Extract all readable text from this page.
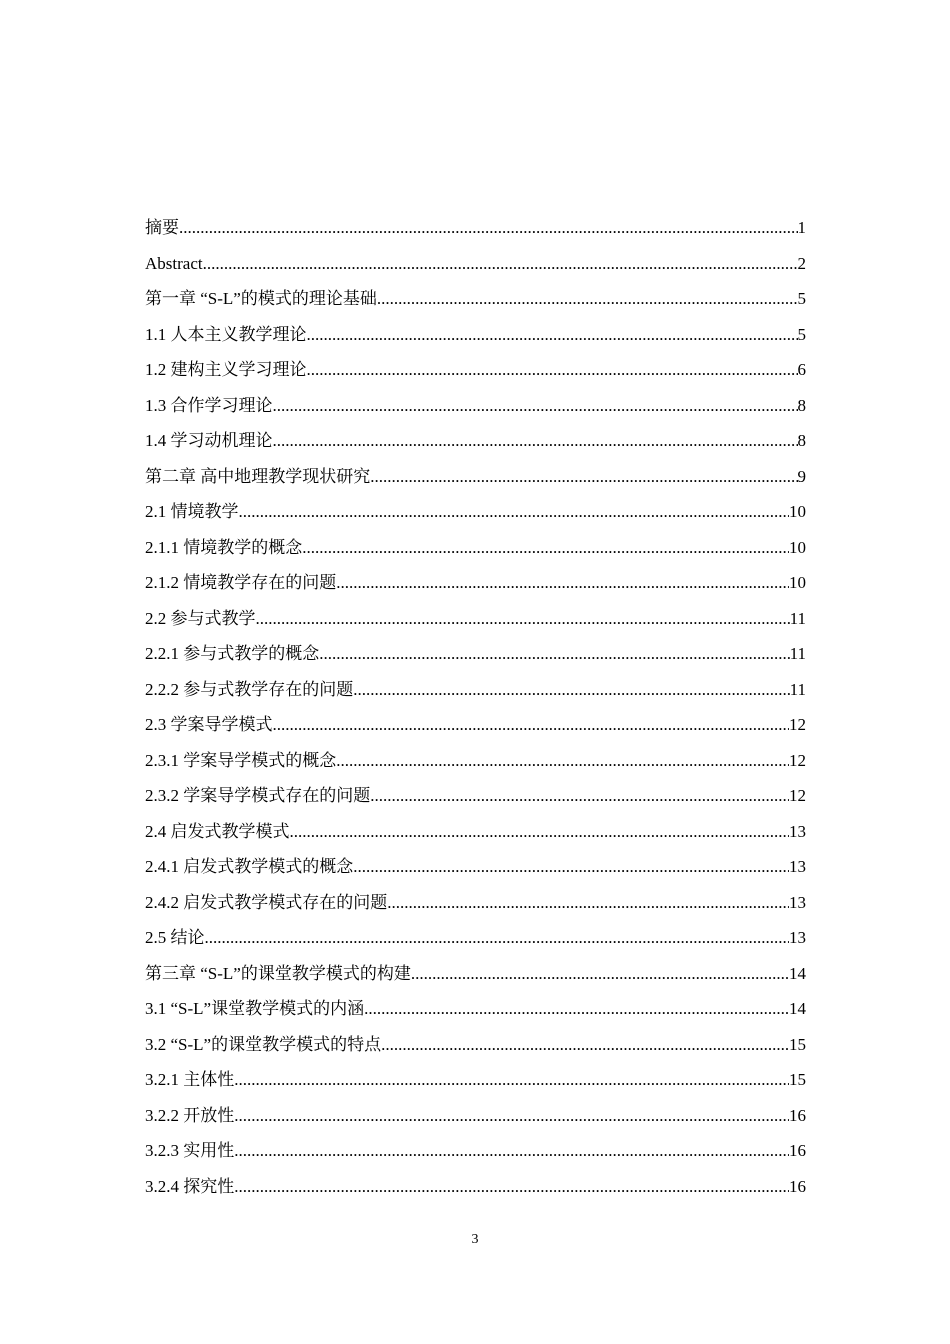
摘要 .....	1
Abstract .....	2
第一章 “S-L”的模式的理论基础 .....	5
1.1 人本主义教学理论 .....	5
1.2 建构主义学习理论 .....	6
1.3 合作学习理论 .....	8
1.4 学习动机理论 .....	8
第二章 高中地理教学现状研究 .....	9
2.1 情境教学 .....	10
2.1.1 情境教学的概念 .....	10
2.1.2 情境教学存在的问题 .....	10
2.2 参与式教学 .....	11
2.2.1 参与式教学的概念 .....	11
2.2.2 参与式教学存在的问题 .....	11
2.3 学案导学模式 .....	12
2.3.1 学案导学模式的概念 .....	12
2.3.2 学案导学模式存在的问题 .....	12
2.4 启发式教学模式 .....	13
2.4.1 启发式教学模式的概念 .....	13
2.4.2 启发式教学模式存在的问题 .....	13
2.5 结论 .....	13
第三章 “S-L”的课堂教学模式的构建 .....	14
3.1 “S-L”课堂教学模式的内涵 .....	14
3.2 “S-L”的课堂教学模式的特点 .....	15
3.2.1 主体性 .....	15
3.2.2 开放性 .....	16
3.2.3 实用性 .....	16
3.2.4 探究性 .....	16
3
